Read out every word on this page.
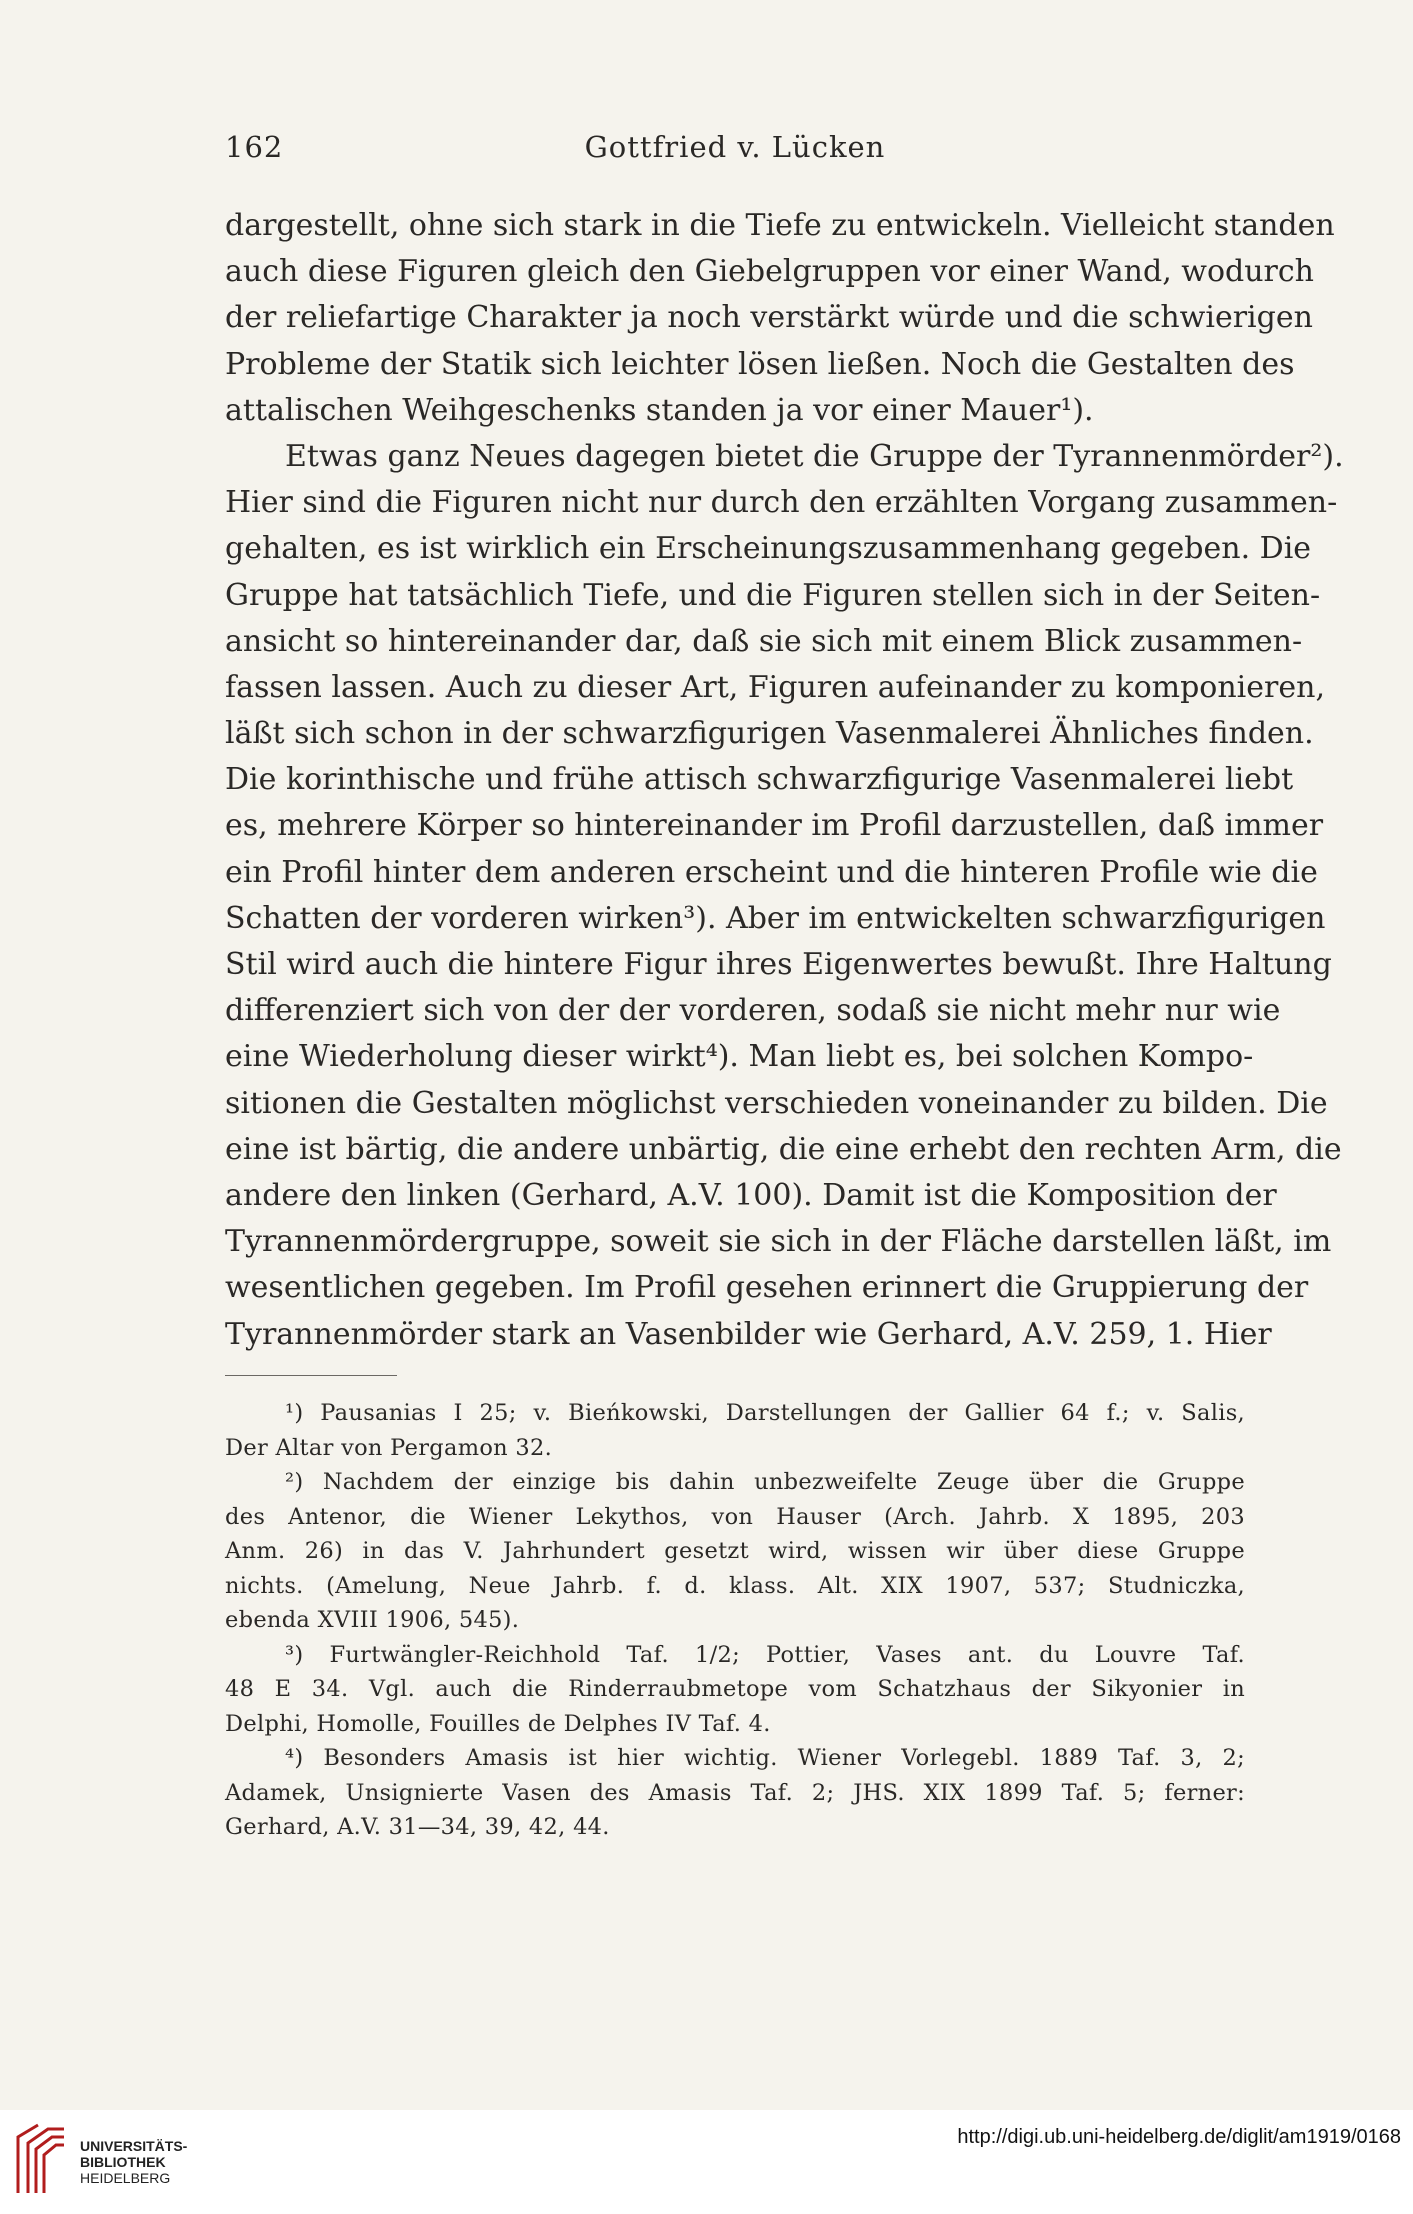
162	Gottfried v. Lücken
dargestellt, ohne sich stark in die Tiefe zu entwickeln. Vielleicht standen
auch diese Figuren gleich den Giebelgruppen vor einer Wand, wodurch
der reliefartige Charakter ja noch verstärkt würde und die schwierigen
Probleme der Statik sich leichter lösen ließen. Noch die Gestalten des
attalischen Weihgeschenks standen ja vor einer Mauer¹).
Etwas ganz Neues dagegen bietet die Gruppe der Tyrannenmörder²).
Hier sind die Figuren nicht nur durch den erzählten Vorgang zusammen-
gehalten, es ist wirklich ein Erscheinungszusammenhang gegeben. Die
Gruppe hat tatsächlich Tiefe, und die Figuren stellen sich in der Seiten-
ansicht so hintereinander dar, daß sie sich mit einem Blick zusammen-
fassen lassen. Auch zu dieser Art, Figuren aufeinander zu komponieren,
läßt sich schon in der schwarzfigurigen Vasenmalerei Ähnliches finden.
Die korinthische und frühe attisch schwarzfigurige Vasenmalerei liebt
es, mehrere Körper so hintereinander im Profil darzustellen, daß immer
ein Profil hinter dem anderen erscheint und die hinteren Profile wie die
Schatten der vorderen wirken³). Aber im entwickelten schwarzfigurigen
Stil wird auch die hintere Figur ihres Eigenwertes bewußt. Ihre Haltung
differenziert sich von der der vorderen, sodaß sie nicht mehr nur wie
eine Wiederholung dieser wirkt⁴). Man liebt es, bei solchen Kompo-
sitionen die Gestalten möglichst verschieden voneinander zu bilden. Die
eine ist bärtig, die andere unbärtig, die eine erhebt den rechten Arm, die
andere den linken (Gerhard, A.V. 100). Damit ist die Komposition der
Tyrannenmördergruppe, soweit sie sich in der Fläche darstellen läßt, im
wesentlichen gegeben. Im Profil gesehen erinnert die Gruppierung der
Tyrannenmörder stark an Vasenbilder wie Gerhard, A.V. 259, 1. Hier
¹) Pausanias I 25; v. Bieńkowski, Darstellungen der Gallier 64 f.; v. Salis,
Der Altar von Pergamon 32.
²) Nachdem der einzige bis dahin unbezweifelte Zeuge über die Gruppe
des Antenor, die Wiener Lekythos, von Hauser (Arch. Jahrb. X 1895, 203
Anm. 26) in das V. Jahrhundert gesetzt wird, wissen wir über diese Gruppe
nichts. (Amelung, Neue Jahrb. f. d. klass. Alt. XIX 1907, 537; Studniczka,
ebenda XVIII 1906, 545).
³) Furtwängler-Reichhold Taf. 1/2; Pottier, Vases ant. du Louvre Taf.
48 E 34. Vgl. auch die Rinderraubmetope vom Schatzhaus der Sikyonier in
Delphi, Homolle, Fouilles de Delphes IV Taf. 4.
⁴) Besonders Amasis ist hier wichtig. Wiener Vorlegebl. 1889 Taf. 3, 2;
Adamek, Unsignierte Vasen des Amasis Taf. 2; JHS. XIX 1899 Taf. 5; ferner:
Gerhard, A.V. 31—34, 39, 42, 44.
UNIVERSITÄTS-
BIBLIOTHEK
HEIDELBERG
http://digi.ub.uni-heidelberg.de/diglit/am1919/0168
